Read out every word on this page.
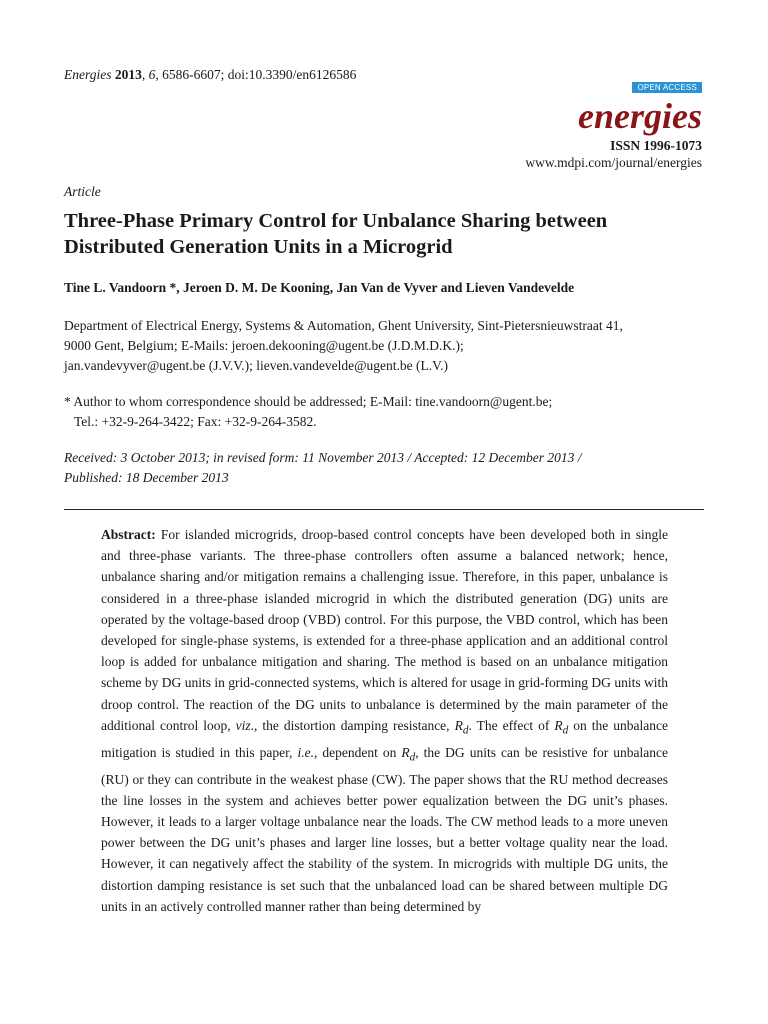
Energies 2013, 6, 6586-6607; doi:10.3390/en6126586
OPEN ACCESS
energies
ISSN 1996-1073
www.mdpi.com/journal/energies
Article
Three-Phase Primary Control for Unbalance Sharing between
Distributed Generation Units in a Microgrid
Tine L. Vandoorn *, Jeroen D. M. De Kooning, Jan Van de Vyver and Lieven Vandevelde
Department of Electrical Energy, Systems & Automation, Ghent University, Sint-Pietersnieuwstraat 41,
9000 Gent, Belgium; E-Mails: jeroen.dekooning@ugent.be (J.D.M.D.K.);
jan.vandevyver@ugent.be (J.V.V.); lieven.vandevelde@ugent.be (L.V.)
* Author to whom correspondence should be addressed; E-Mail: tine.vandoorn@ugent.be;
Tel.: +32-9-264-3422; Fax: +32-9-264-3582.
Received: 3 October 2013; in revised form: 11 November 2013 / Accepted: 12 December 2013 /
Published: 18 December 2013
Abstract: For islanded microgrids, droop-based control concepts have been developed both in single and three-phase variants. The three-phase controllers often assume a balanced network; hence, unbalance sharing and/or mitigation remains a challenging issue. Therefore, in this paper, unbalance is considered in a three-phase islanded microgrid in which the distributed generation (DG) units are operated by the voltage-based droop (VBD) control. For this purpose, the VBD control, which has been developed for single-phase systems, is extended for a three-phase application and an additional control loop is added for unbalance mitigation and sharing. The method is based on an unbalance mitigation scheme by DG units in grid-connected systems, which is altered for usage in grid-forming DG units with droop control. The reaction of the DG units to unbalance is determined by the main parameter of the additional control loop, viz., the distortion damping resistance, $R_d$. The effect of $R_d$ on the unbalance mitigation is studied in this paper, i.e., dependent on $R_d$, the DG units can be resistive for unbalance (RU) or they can contribute in the weakest phase (CW). The paper shows that the RU method decreases the line losses in the system and achieves better power equalization between the DG unit’s phases. However, it leads to a larger voltage unbalance near the loads. The CW method leads to a more uneven power between the DG unit’s phases and larger line losses, but a better voltage quality near the load. However, it can negatively affect the stability of the system. In microgrids with multiple DG units, the distortion damping resistance is set such that the unbalanced load can be shared between multiple DG units in an actively controlled manner rather than being determined by
